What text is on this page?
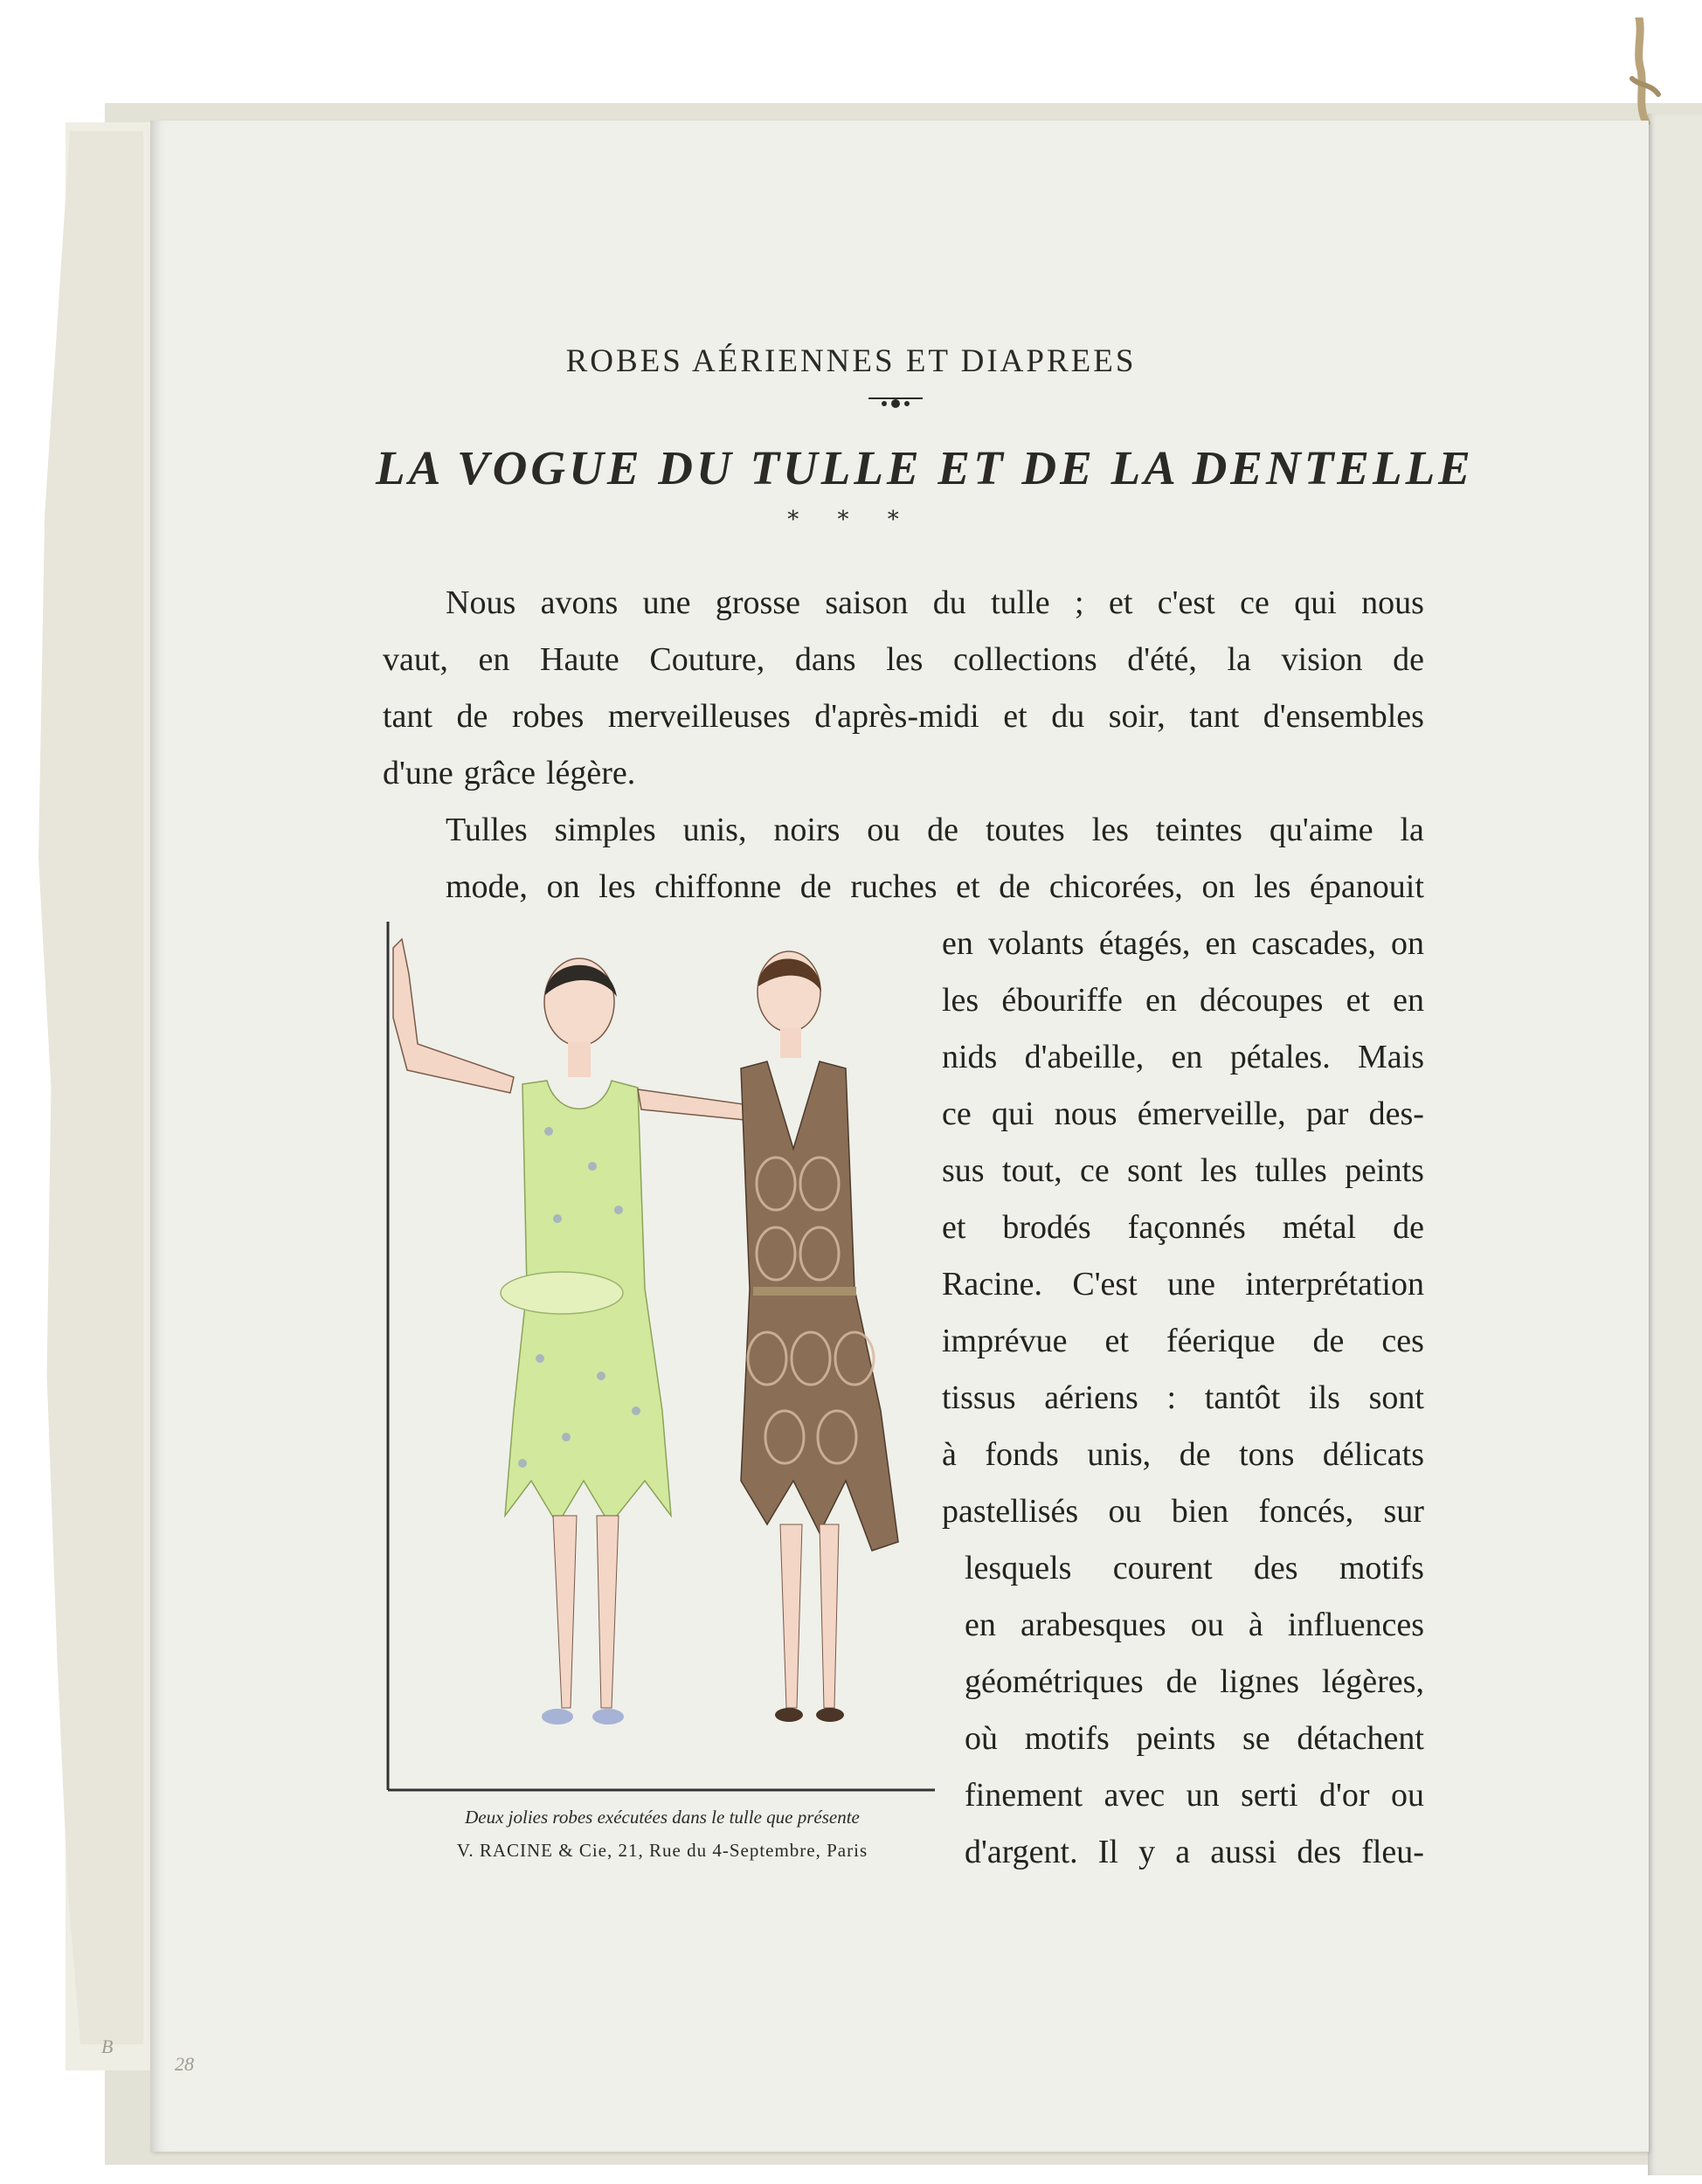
ROBES AÉRIENNES ET DIAPREES
LA VOGUE DU TULLE ET DE LA DENTELLE
* * *

Nous avons une grosse saison du tulle ; et c'est ce qui nous

vaut, en Haute Couture, dans les collections d'été, la vision de

tant de robes merveilleuses d'après-midi et du soir, tant d'ensembles

d'une grâce légère.

Tulles simples unis, noirs ou de toutes les teintes qu'aime la

mode, on les chiffonne de ruches et de chicorées, on les épanouit

en volants étagés, en cascades, on

les ébouriffe en découpes et en

nids d'abeille, en pétales. Mais

ce qui nous émerveille, par des-

sus tout, ce sont les tulles peints

et brodés façonnés métal de

Racine. C'est une interprétation

imprévue et féerique de ces

tissus aériens : tantôt ils sont

à fonds unis, de tons délicats

pastellisés ou bien foncés, sur

lesquels courent des motifs

en arabesques ou à influences

géométriques de lignes légères,

où motifs peints se détachent

finement avec un serti d'or ou

d'argent. Il y a aussi des fleu-

Deux jolies robes exécutées dans le tulle que présente

V. RACINE & Cie, 21, Rue du 4-Septembre, Paris

B
28
